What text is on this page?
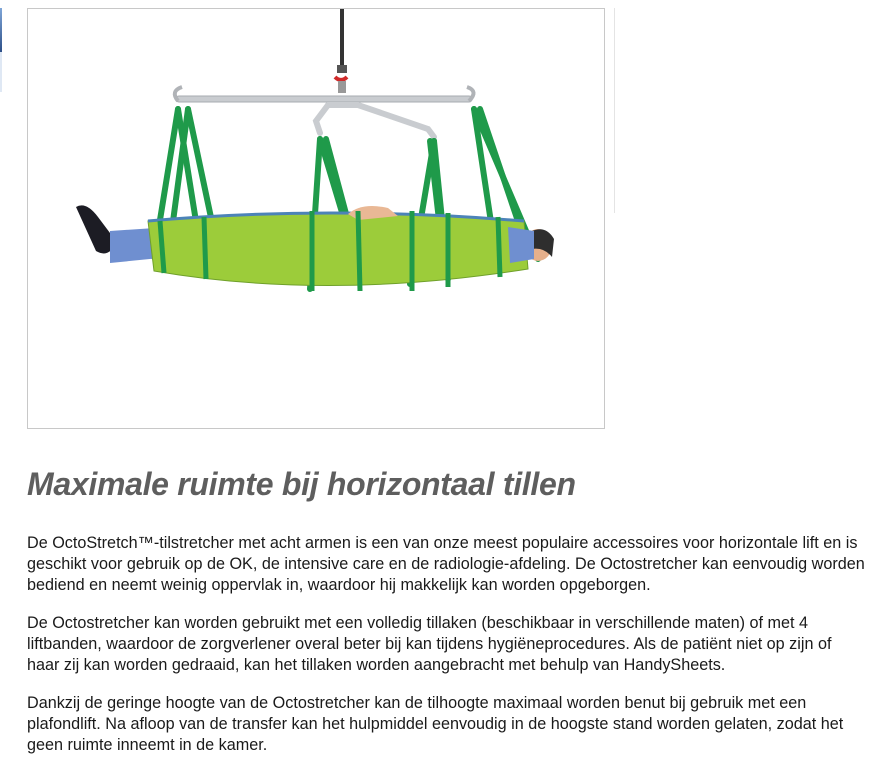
Maximale ruimte bij horizontaal tillen

De OctoStretch™-tilstretcher met acht armen is een van onze meest populaire accessoires voor horizontale lift en is geschikt voor gebruik op de OK, de intensive care en de radiologie-afdeling. De Octostretcher kan eenvoudig worden bediend en neemt weinig oppervlak in, waardoor hij makkelijk kan worden opgeborgen.

De Octostretcher kan worden gebruikt met een volledig tillaken (beschikbaar in verschillende maten) of met 4 liftbanden, waardoor de zorgverlener overal beter bij kan tijdens hygiëneprocedures. Als de patiënt niet op zijn of haar zij kan worden gedraaid, kan het tillaken worden aangebracht met behulp van HandySheets.

Dankzij de geringe hoogte van de Octostretcher kan de tilhoogte maximaal worden benut bij gebruik met een plafondlift. Na afloop van de transfer kan het hulpmiddel eenvoudig in de hoogste stand worden gelaten, zodat het geen ruimte inneemt in de kamer.
